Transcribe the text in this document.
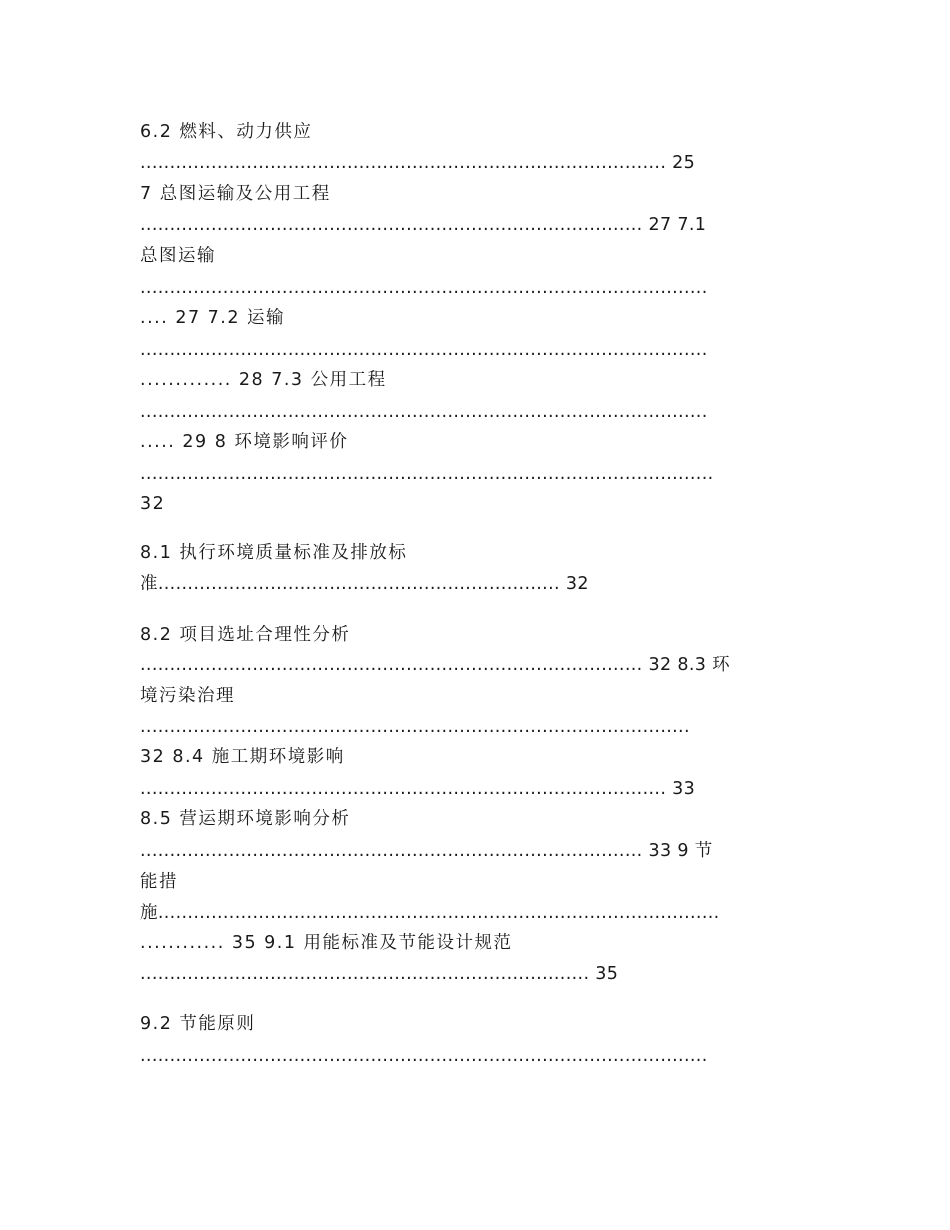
6.2 燃料、动力供应
......................................................................................... 25
7 总图运输及公用工程
..................................................................................... 27 7.1
总图运输
................................................................................................
.... 27 7.2 运输
................................................................................................
............. 28 7.3 公用工程
................................................................................................
..... 29 8 环境影响评价
.................................................................................................
32
8.1 执行环境质量标准及排放标
准.................................................................... 32
8.2 项目选址合理性分析
..................................................................................... 32 8.3 环
境污染治理
.............................................................................................
32 8.4 施工期环境影响
......................................................................................... 33
8.5 营运期环境影响分析
..................................................................................... 33 9 节
能措
施...............................................................................................
............ 35 9.1 用能标准及节能设计规范
............................................................................ 35
9.2 节能原则
................................................................................................
